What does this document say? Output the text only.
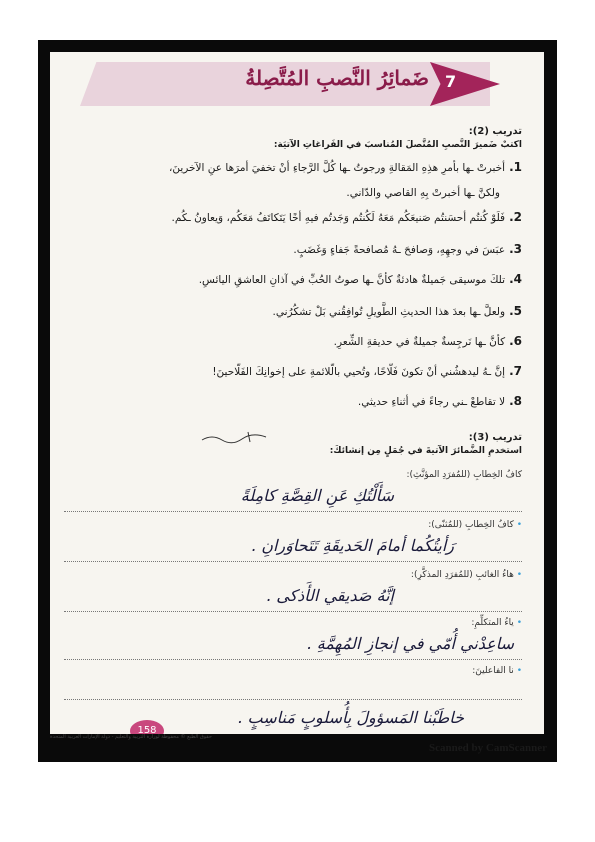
ضَمائِرُ النَّصبِ المُتَّصِلةُ 7
تدريب (2):
اكتبْ ضَميرَ النَّصبِ المُتَّصلَ المُناسبَ في الفَراغاتِ الآتيَة:
1.أخبرتْ ـها بأمرِ هذِهِ المَقالةِ ورجوتُ ـها كُلَّ الرَّجاءِ أنْ تخفيَ أمرَها عنِ الآخرينَ،
ولكنَّ ـها أخبرتْ بِهِ القاصي والدّاني.
2.فَلَوْ كُنتُم أحسَنتُم صَنيعَكُم مَعَهُ لَكُنتُم وَجَدتُم فيهِ أخًا يَتَكاتَفُ مَعَكُم، وَيعاونُ ـكُم.
3.عبَسَ في وجهِهِ، وَصافحَ ـهُ مُصافحةً جَفاءٍ وَغَضَبٍ.
4.تلكَ موسيقى جَميلةٌ هادئةٌ كأنَّ ـها صوتُ الحُبِّ في آذانِ العاشقِ اليائسِ.
5.ولعلَّ ـها بعدَ هذا الحديثِ الطَّويلِ تُوافِقُني بَلْ تشكُرُني.
6.كأنَّ ـها نَرجِسةٌ جميلةٌ في حديقةِ الشِّعرِ.
7.إنَّ ـهُ ليدهشُني أنْ تكونَ فَلّاحًا، وتُحيي بالّلائمةِ على إخوانِكَ الفَلّاحينَ!
8.لا تقاطعْ ـني رجاءً في أثناءِ حديثي.
تدريب (3):
استخدمِ الضَّمائرَ الآتيةَ في جُمَلٍ مِن إنشائكَ:
كافُ الخِطابِ (للمُفرَدِ المؤنَّثِ):
سَأَلْتُكِ عَنِ القِصَّةِ كامِلَةً
• كافُ الخِطابِ (للمُثنّى):
رَأيتُكُما أمامَ الحَديقَةِ تَتَحاوَرانِ .
• هاءُ الغائبِ (للمُفرَدِ المذكَّرِ):
إنَّهُ صَديقي الأَذكى .
• ياءُ المتكلِّمِ:
ساعِدْني أُمّي في إنجازِ المُهِمَّةِ .
• نا الفاعلينَ:
خاطَبْنا المَسؤولَ بِأُسلوبٍ مَناسِبٍ .
158
حقوق الطبع © محفوظة لوزارة التربية والتعليم - دولة الإمارات العربية المتحدة
Scanned by CamScanner
